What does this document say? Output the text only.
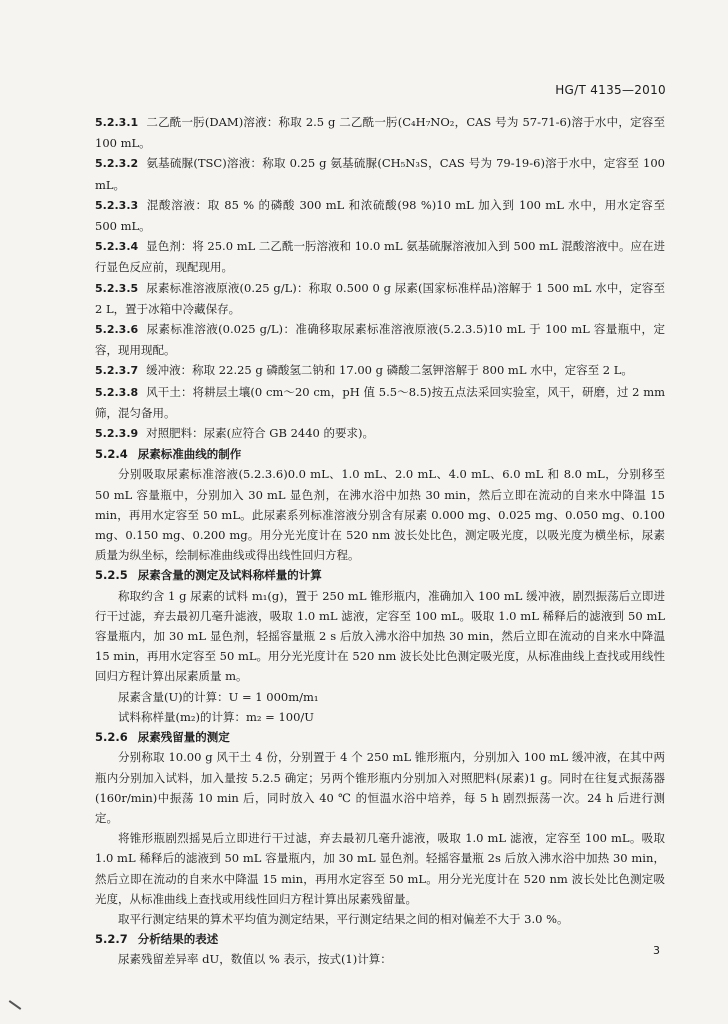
HG/T 4135—2010

5.2.3.1 二乙酰一肟(DAM)溶液：称取 2.5 g 二乙酰一肟(C₄H₇NO₂，CAS 号为 57-71-6)溶于水中，定容至 100 mL。

5.2.3.2 氨基硫脲(TSC)溶液：称取 0.25 g 氨基硫脲(CH₅N₃S，CAS 号为 79-19-6)溶于水中，定容至 100 mL。

5.2.3.3 混酸溶液：取 85 % 的磷酸 300 mL 和浓硫酸(98 %)10 mL 加入到 100 mL 水中，用水定容至 500 mL。

5.2.3.4 显色剂：将 25.0 mL 二乙酰一肟溶液和 10.0 mL 氨基硫脲溶液加入到 500 mL 混酸溶液中。应在进行显色反应前，现配现用。

5.2.3.5 尿素标准溶液原液(0.25 g/L)：称取 0.500 0 g 尿素(国家标准样品)溶解于 1 500 mL 水中，定容至 2 L，置于冰箱中冷藏保存。

5.2.3.6 尿素标准溶液(0.025 g/L)：准确移取尿素标准溶液原液(5.2.3.5)10 mL 于 100 mL 容量瓶中，定容，现用现配。

5.2.3.7 缓冲液：称取 22.25 g 磷酸氢二钠和 17.00 g 磷酸二氢钾溶解于 800 mL 水中，定容至 2 L。

5.2.3.8 风干土：将耕层土壤(0 cm～20 cm，pH 值 5.5～8.5)按五点法采回实验室，风干，研磨，过 2 mm 筛，混匀备用。

5.2.3.9 对照肥料：尿素(应符合 GB 2440 的要求)。

5.2.4 尿素标准曲线的制作

分别吸取尿素标准溶液(5.2.3.6)0.0 mL、1.0 mL、2.0 mL、4.0 mL、6.0 mL 和 8.0 mL，分别移至 50 mL 容量瓶中，分别加入 30 mL 显色剂，在沸水浴中加热 30 min，然后立即在流动的自来水中降温 15 min，再用水定容至 50 mL。此尿素系列标准溶液分别含有尿素 0.000 mg、0.025 mg、0.050 mg、0.100 mg、0.150 mg、0.200 mg。用分光光度计在 520 nm 波长处比色，测定吸光度，以吸光度为横坐标，尿素质量为纵坐标，绘制标准曲线或得出线性回归方程。

5.2.5 尿素含量的测定及试料称样量的计算

称取约含 1 g 尿素的试料 m₁(g)，置于 250 mL 锥形瓶内，准确加入 100 mL 缓冲液，剧烈振荡后立即进行干过滤，弃去最初几毫升滤液，吸取 1.0 mL 滤液，定容至 100 mL。吸取 1.0 mL 稀释后的滤液到 50 mL 容量瓶内，加 30 mL 显色剂，轻摇容量瓶 2 s 后放入沸水浴中加热 30 min，然后立即在流动的自来水中降温 15 min，再用水定容至 50 mL。用分光光度计在 520 nm 波长处比色测定吸光度，从标准曲线上查找或用线性回归方程计算出尿素质量 m。

尿素含量(U)的计算：U = 1 000m/m₁

试料称样量(m₂)的计算：m₂ = 100/U

5.2.6 尿素残留量的测定

分别称取 10.00 g 风干土 4 份，分别置于 4 个 250 mL 锥形瓶内，分别加入 100 mL 缓冲液，在其中两瓶内分别加入试料，加入量按 5.2.5 确定；另两个锥形瓶内分别加入对照肥料(尿素)1 g。同时在往复式振荡器(160r/min)中振荡 10 min 后，同时放入 40 ℃ 的恒温水浴中培养，每 5 h 剧烈振荡一次。24 h 后进行测定。

将锥形瓶剧烈摇晃后立即进行干过滤，弃去最初几毫升滤液，吸取 1.0 mL 滤液，定容至 100 mL。吸取 1.0 mL 稀释后的滤液到 50 mL 容量瓶内，加 30 mL 显色剂。轻摇容量瓶 2s 后放入沸水浴中加热 30 min，然后立即在流动的自来水中降温 15 min，再用水定容至 50 mL。用分光光度计在 520 nm 波长处比色测定吸光度，从标准曲线上查找或用线性回归方程计算出尿素残留量。

取平行测定结果的算术平均值为测定结果，平行测定结果之间的相对偏差不大于 3.0 %。

5.2.7 分析结果的表述

尿素残留差异率 dU，数值以 % 表示，按式(1)计算：

3
